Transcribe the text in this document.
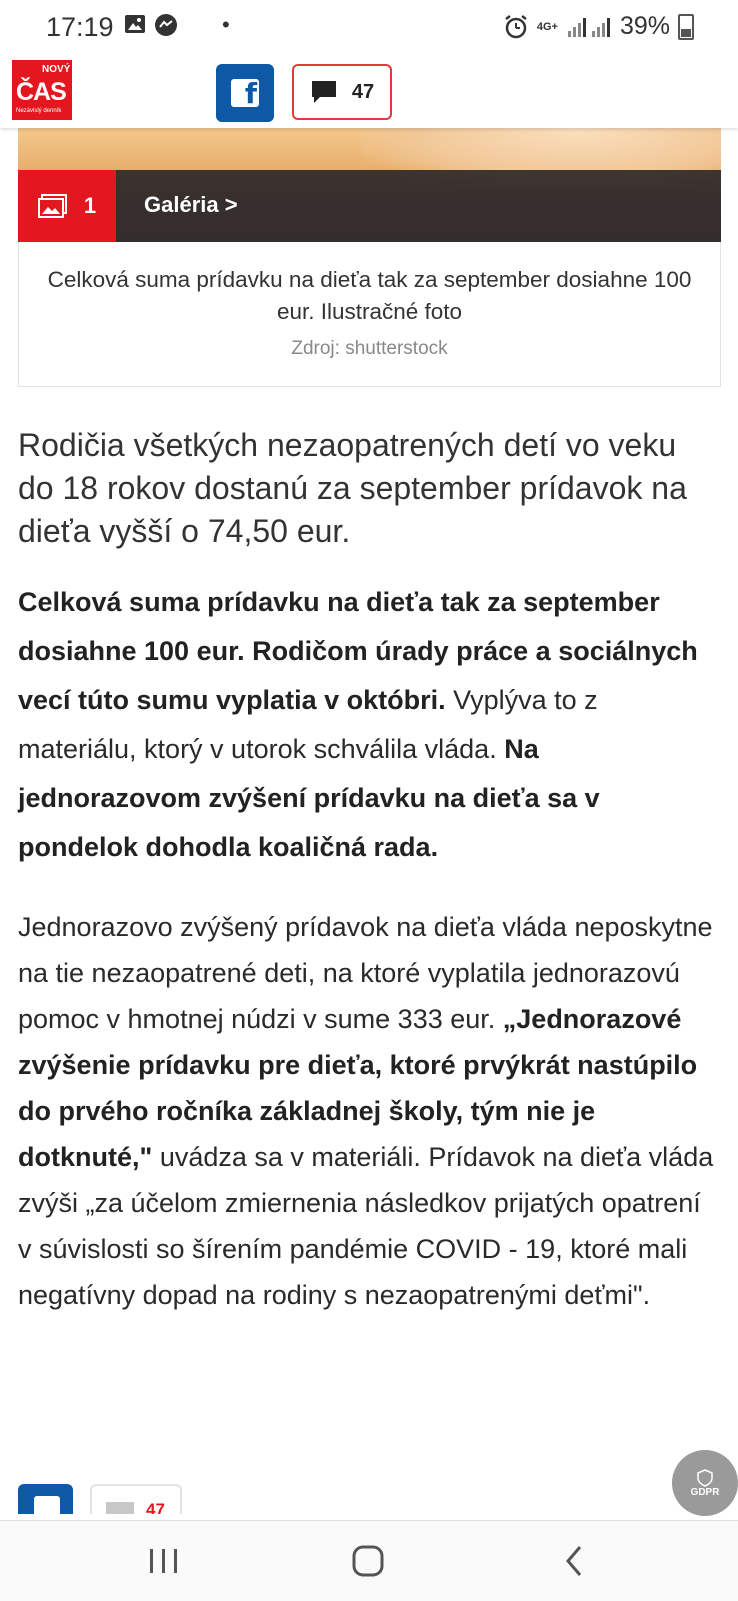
17:19	•	4G+ 39%
NOVÝ
ČAS
Nezávislý denník
f	47
1 Galéria >
Celková suma prídavku na dieťa tak za september dosiahne 100 eur. Ilustračné foto
Zdroj: shutterstock
Rodičia všetkých nezaopatrených detí vo veku do 18 rokov dostanú za september prídavok na dieťa vyšší o 74,50 eur.
Celková suma prídavku na dieťa tak za september dosiahne 100 eur. Rodičom úrady práce a sociálnych vecí túto sumu vyplatia v októbri. Vyplýva to z materiálu, ktorý v utorok schválila vláda. Na jednorazovom zvýšení prídavku na dieťa sa v pondelok dohodla koaličná rada.
Jednorazovo zvýšený prídavok na dieťa vláda neposkytne na tie nezaopatrené deti, na ktoré vyplatila jednorazovú pomoc v hmotnej núdzi v sume 333 eur. „Jednorazové zvýšenie prídavku pre dieťa, ktoré prvýkrát nastúpilo do prvého ročníka základnej školy, tým nie je dotknuté," uvádza sa v materiáli. Prídavok na dieťa vláda zvýši „za účelom zmiernenia následkov prijatých opatrení v súvislosti so šírením pandémie COVID - 19, ktoré mali negatívny dopad na rodiny s nezaopatrenými deťmi".
47
GDPR
